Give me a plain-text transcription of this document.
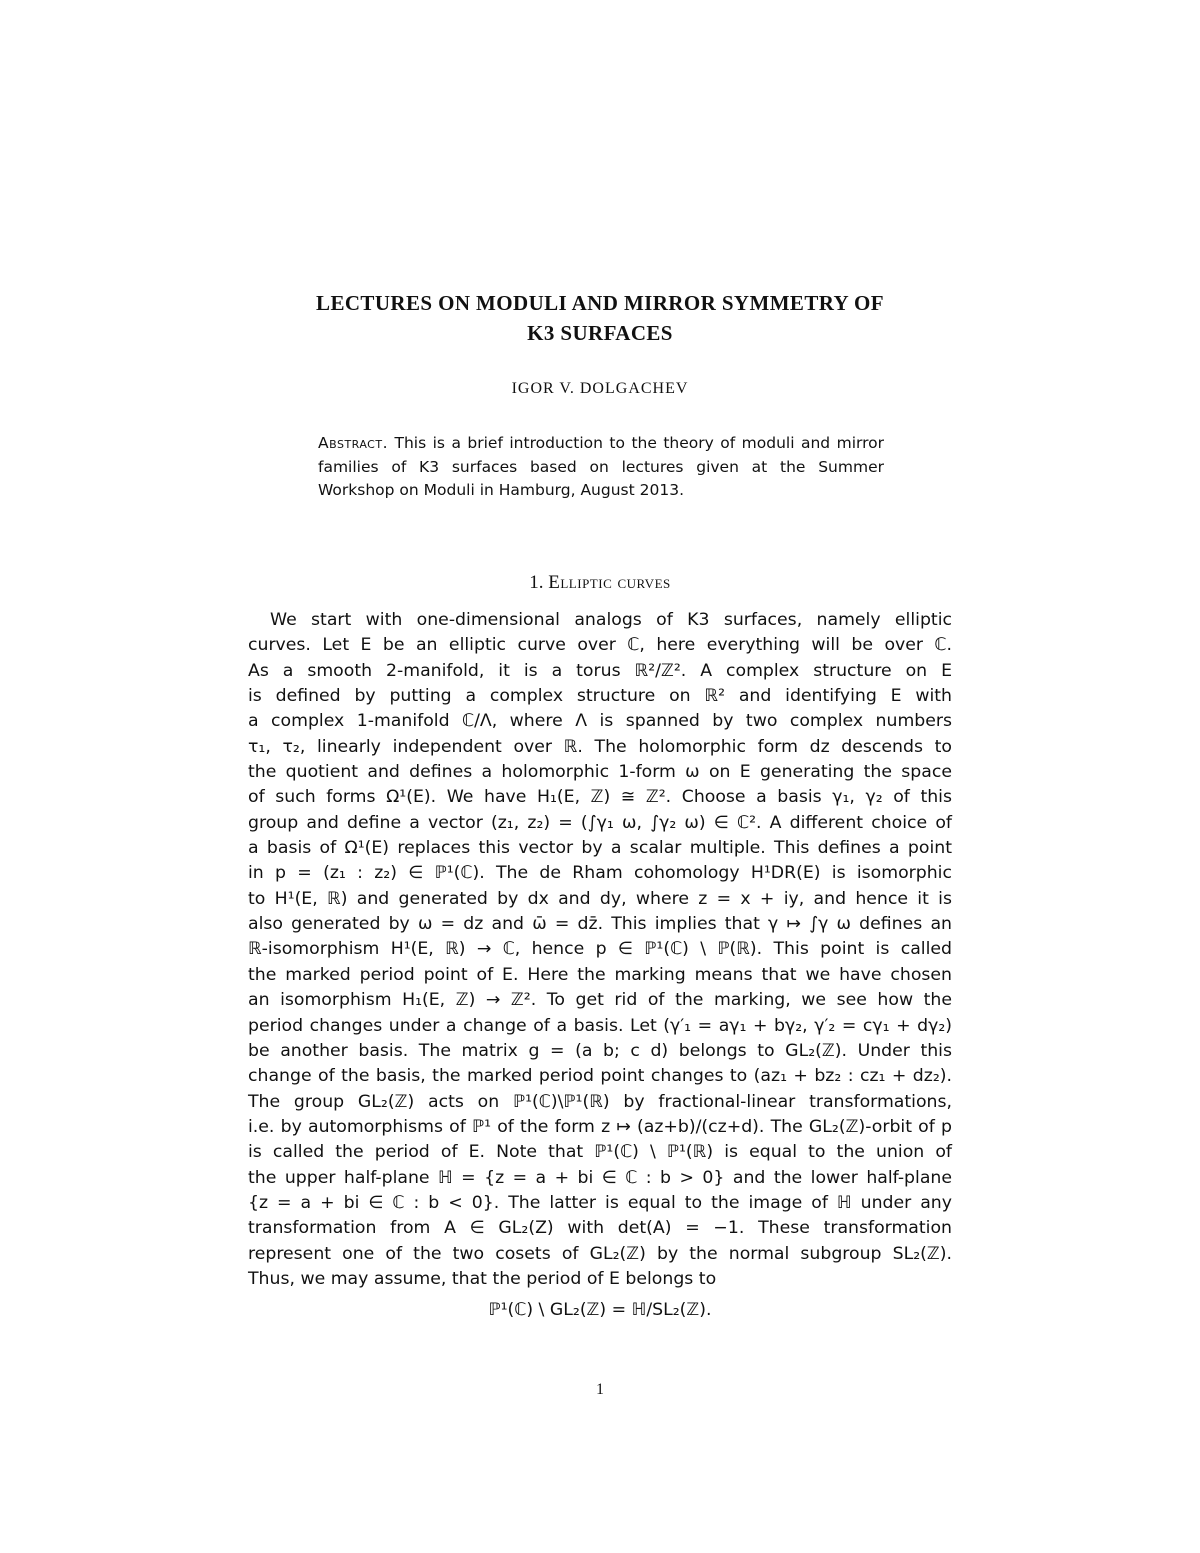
LECTURES ON MODULI AND MIRROR SYMMETRY OF
K3 SURFACES
IGOR V. DOLGACHEV
Abstract. This is a brief introduction to the theory of moduli and mirror families of K3 surfaces based on lectures given at the Summer Workshop on Moduli in Hamburg, August 2013.
1. Elliptic curves
We start with one-dimensional analogs of K3 surfaces, namely elliptic
curves. Let E be an elliptic curve over ℂ, here everything will be over ℂ.
As a smooth 2-manifold, it is a torus ℝ²/ℤ². A complex structure on E
is defined by putting a complex structure on ℝ² and identifying E with
a complex 1-manifold ℂ/Λ, where Λ is spanned by two complex numbers
τ₁, τ₂, linearly independent over ℝ. The holomorphic form dz descends to
the quotient and defines a holomorphic 1-form ω on E generating the space
of such forms Ω¹(E). We have H₁(E, ℤ) ≅ ℤ². Choose a basis γ₁, γ₂ of this
group and define a vector (z₁, z₂) = (∫γ₁ ω, ∫γ₂ ω) ∈ ℂ². A different choice of
a basis of Ω¹(E) replaces this vector by a scalar multiple. This defines a point
in p = (z₁ : z₂) ∈ ℙ¹(ℂ). The de Rham cohomology H¹DR(E) is isomorphic
to H¹(E, ℝ) and generated by dx and dy, where z = x + iy, and hence it is
also generated by ω = dz and ω̄ = dz̄. This implies that γ ↦ ∫γ ω defines an
ℝ-isomorphism H¹(E, ℝ) → ℂ, hence p ∈ ℙ¹(ℂ) \ ℙ(ℝ). This point is called
the marked period point of E. Here the marking means that we have chosen
an isomorphism H₁(E, ℤ) → ℤ². To get rid of the marking, we see how the
period changes under a change of a basis. Let (γ′₁ = aγ₁ + bγ₂, γ′₂ = cγ₁ + dγ₂)
be another basis. The matrix g = (a b; c d) belongs to GL₂(ℤ). Under this
change of the basis, the marked period point changes to (az₁ + bz₂ : cz₁ + dz₂).
The group GL₂(ℤ) acts on ℙ¹(ℂ)\ℙ¹(ℝ) by fractional-linear transformations,
i.e. by automorphisms of ℙ¹ of the form z ↦ (az+b)/(cz+d). The GL₂(ℤ)-orbit of p
is called the period of E. Note that ℙ¹(ℂ) \ ℙ¹(ℝ) is equal to the union of
the upper half-plane ℍ = {z = a + bi ∈ ℂ : b > 0} and the lower half-plane
{z = a + bi ∈ ℂ : b < 0}. The latter is equal to the image of ℍ under any
transformation from A ∈ GL₂(Z) with det(A) = −1. These transformation
represent one of the two cosets of GL₂(ℤ) by the normal subgroup SL₂(ℤ).
Thus, we may assume, that the period of E belongs to
ℙ¹(ℂ) \ GL₂(ℤ) = ℍ/SL₂(ℤ).
1
